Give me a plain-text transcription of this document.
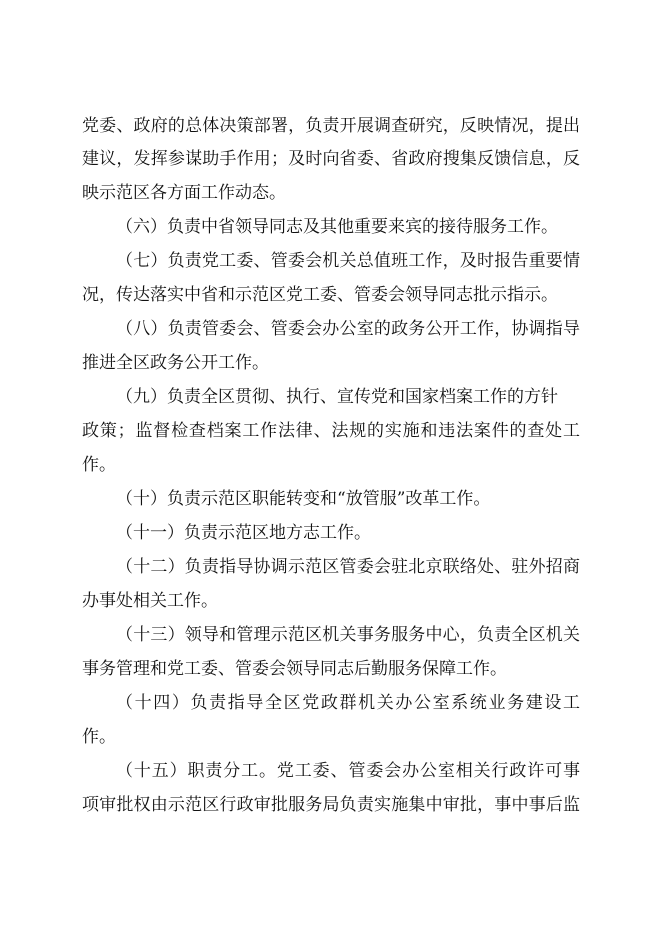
党委、政府的总体决策部署，负责开展调查研究，反映情况，提出
建议，发挥参谋助手作用；及时向省委、省政府搜集反馈信息，反
映示范区各方面工作动态。
（六）负责中省领导同志及其他重要来宾的接待服务工作。
（七）负责党工委、管委会机关总值班工作，及时报告重要情
况，传达落实中省和示范区党工委、管委会领导同志批示指示。
（八）负责管委会、管委会办公室的政务公开工作，协调指导
推进全区政务公开工作。
（九）负责全区贯彻、执行、宣传党和国家档案工作的方针
政策；监督检查档案工作法律、法规的实施和违法案件的查处工
作。
（十）负责示范区职能转变和“放管服”改革工作。
（十一）负责示范区地方志工作。
（十二）负责指导协调示范区管委会驻北京联络处、驻外招商
办事处相关工作。
（十三）领导和管理示范区机关事务服务中心，负责全区机关
事务管理和党工委、管委会领导同志后勤服务保障工作。
（十四）负责指导全区党政群机关办公室系统业务建设工
作。
（十五）职责分工。党工委、管委会办公室相关行政许可事
项审批权由示范区行政审批服务局负责实施集中审批，事中事后监
